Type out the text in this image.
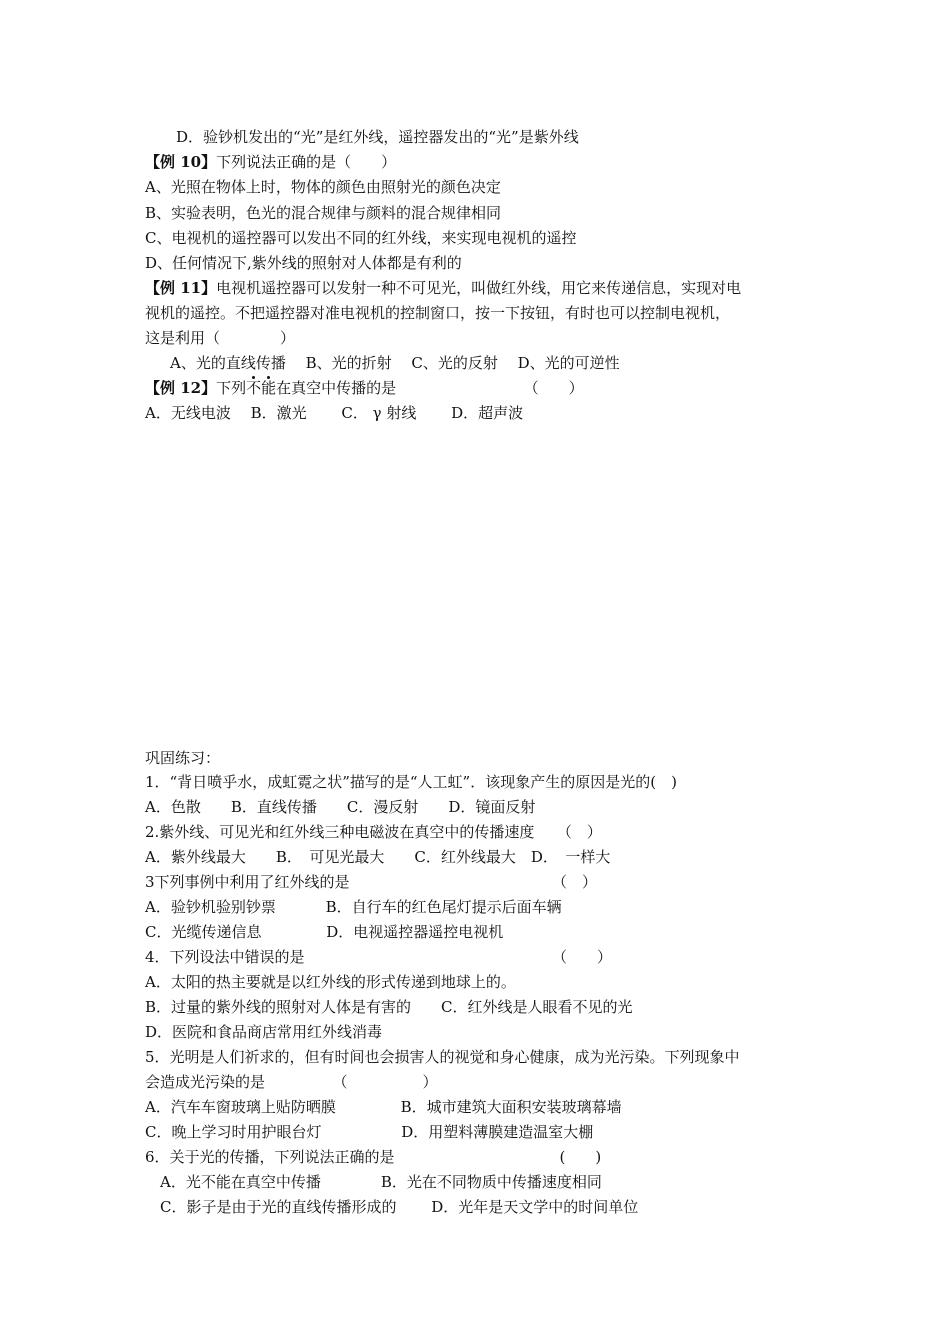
D．验钞机发出的“光”是红外线，遥控器发出的“光”是紫外线
【例 10】下列说法正确的是（　　）
A、光照在物体上时，物体的颜色由照射光的颜色决定
B、实验表明，色光的混合规律与颜料的混合规律相同
C、电视机的遥控器可以发出不同的红外线，来实现电视机的遥控
D、任何情况下,紫外线的照射对人体都是有利的
【例 11】电视机遥控器可以发射一种不可见光，叫做红外线，用它来传递信息，实现对电
视机的遥控。不把遥控器对准电视机的控制窗口，按一下按钮，有时也可以控制电视机，
这是利用（　　　　）
A、光的直线传播　 B、光的折射　 C、光的反射　 D、光的可逆性
【例 12】下列不能在真空中传播的是　　　　　　　　　（　　）
A．无线电波　 B．激光　　 C． γ 射线　　 D．超声波
巩固练习：
1．“背日喷乎水，成虹霓之状”描写的是“人工虹”．该现象产生的原因是光的(　)
A．色散　　B．直线传播　　C．漫反射　　D．镜面反射
2.紫外线、可见光和红外线三种电磁波在真空中的传播速度　　（　）
A．紫外线最大　　B．　可见光最大　　C．红外线最大　D．　一样大
3下列事例中利用了红外线的是　　　　　　　　　　　　　　（　）
A．验钞机验别钞票　　　 B．自行车的红色尾灯提示后面车辆
C．光缆传递信息　　　　 D．电视遥控器遥控电视机
4．下列设法中错误的是　　　　　　　　　　　　　　　　　（　　）
A．太阳的热主要就是以红外线的形式传递到地球上的。
B．过量的紫外线的照射对人体是有害的　　C．红外线是人眼看不见的光
D．医院和食品商店常用红外线消毒
5．光明是人们祈求的，但有时间也会损害人的视觉和身心健康，成为光污染。下列现象中
会造成光污染的是　　　　　（　　　　　）
A．汽车车窗玻璃上贴防晒膜　　　　 B．城市建筑大面积安装玻璃幕墙
C．晚上学习时用护眼台灯　　　　　 D．用塑料薄膜建造温室大棚
6．关于光的传播，下列说法正确的是　　　　　　　　　　　(　　)
A．光不能在真空中传播　　　　B．光在不同物质中传播速度相同
C．影子是由于光的直线传播形成的　　 D．光年是天文学中的时间单位
